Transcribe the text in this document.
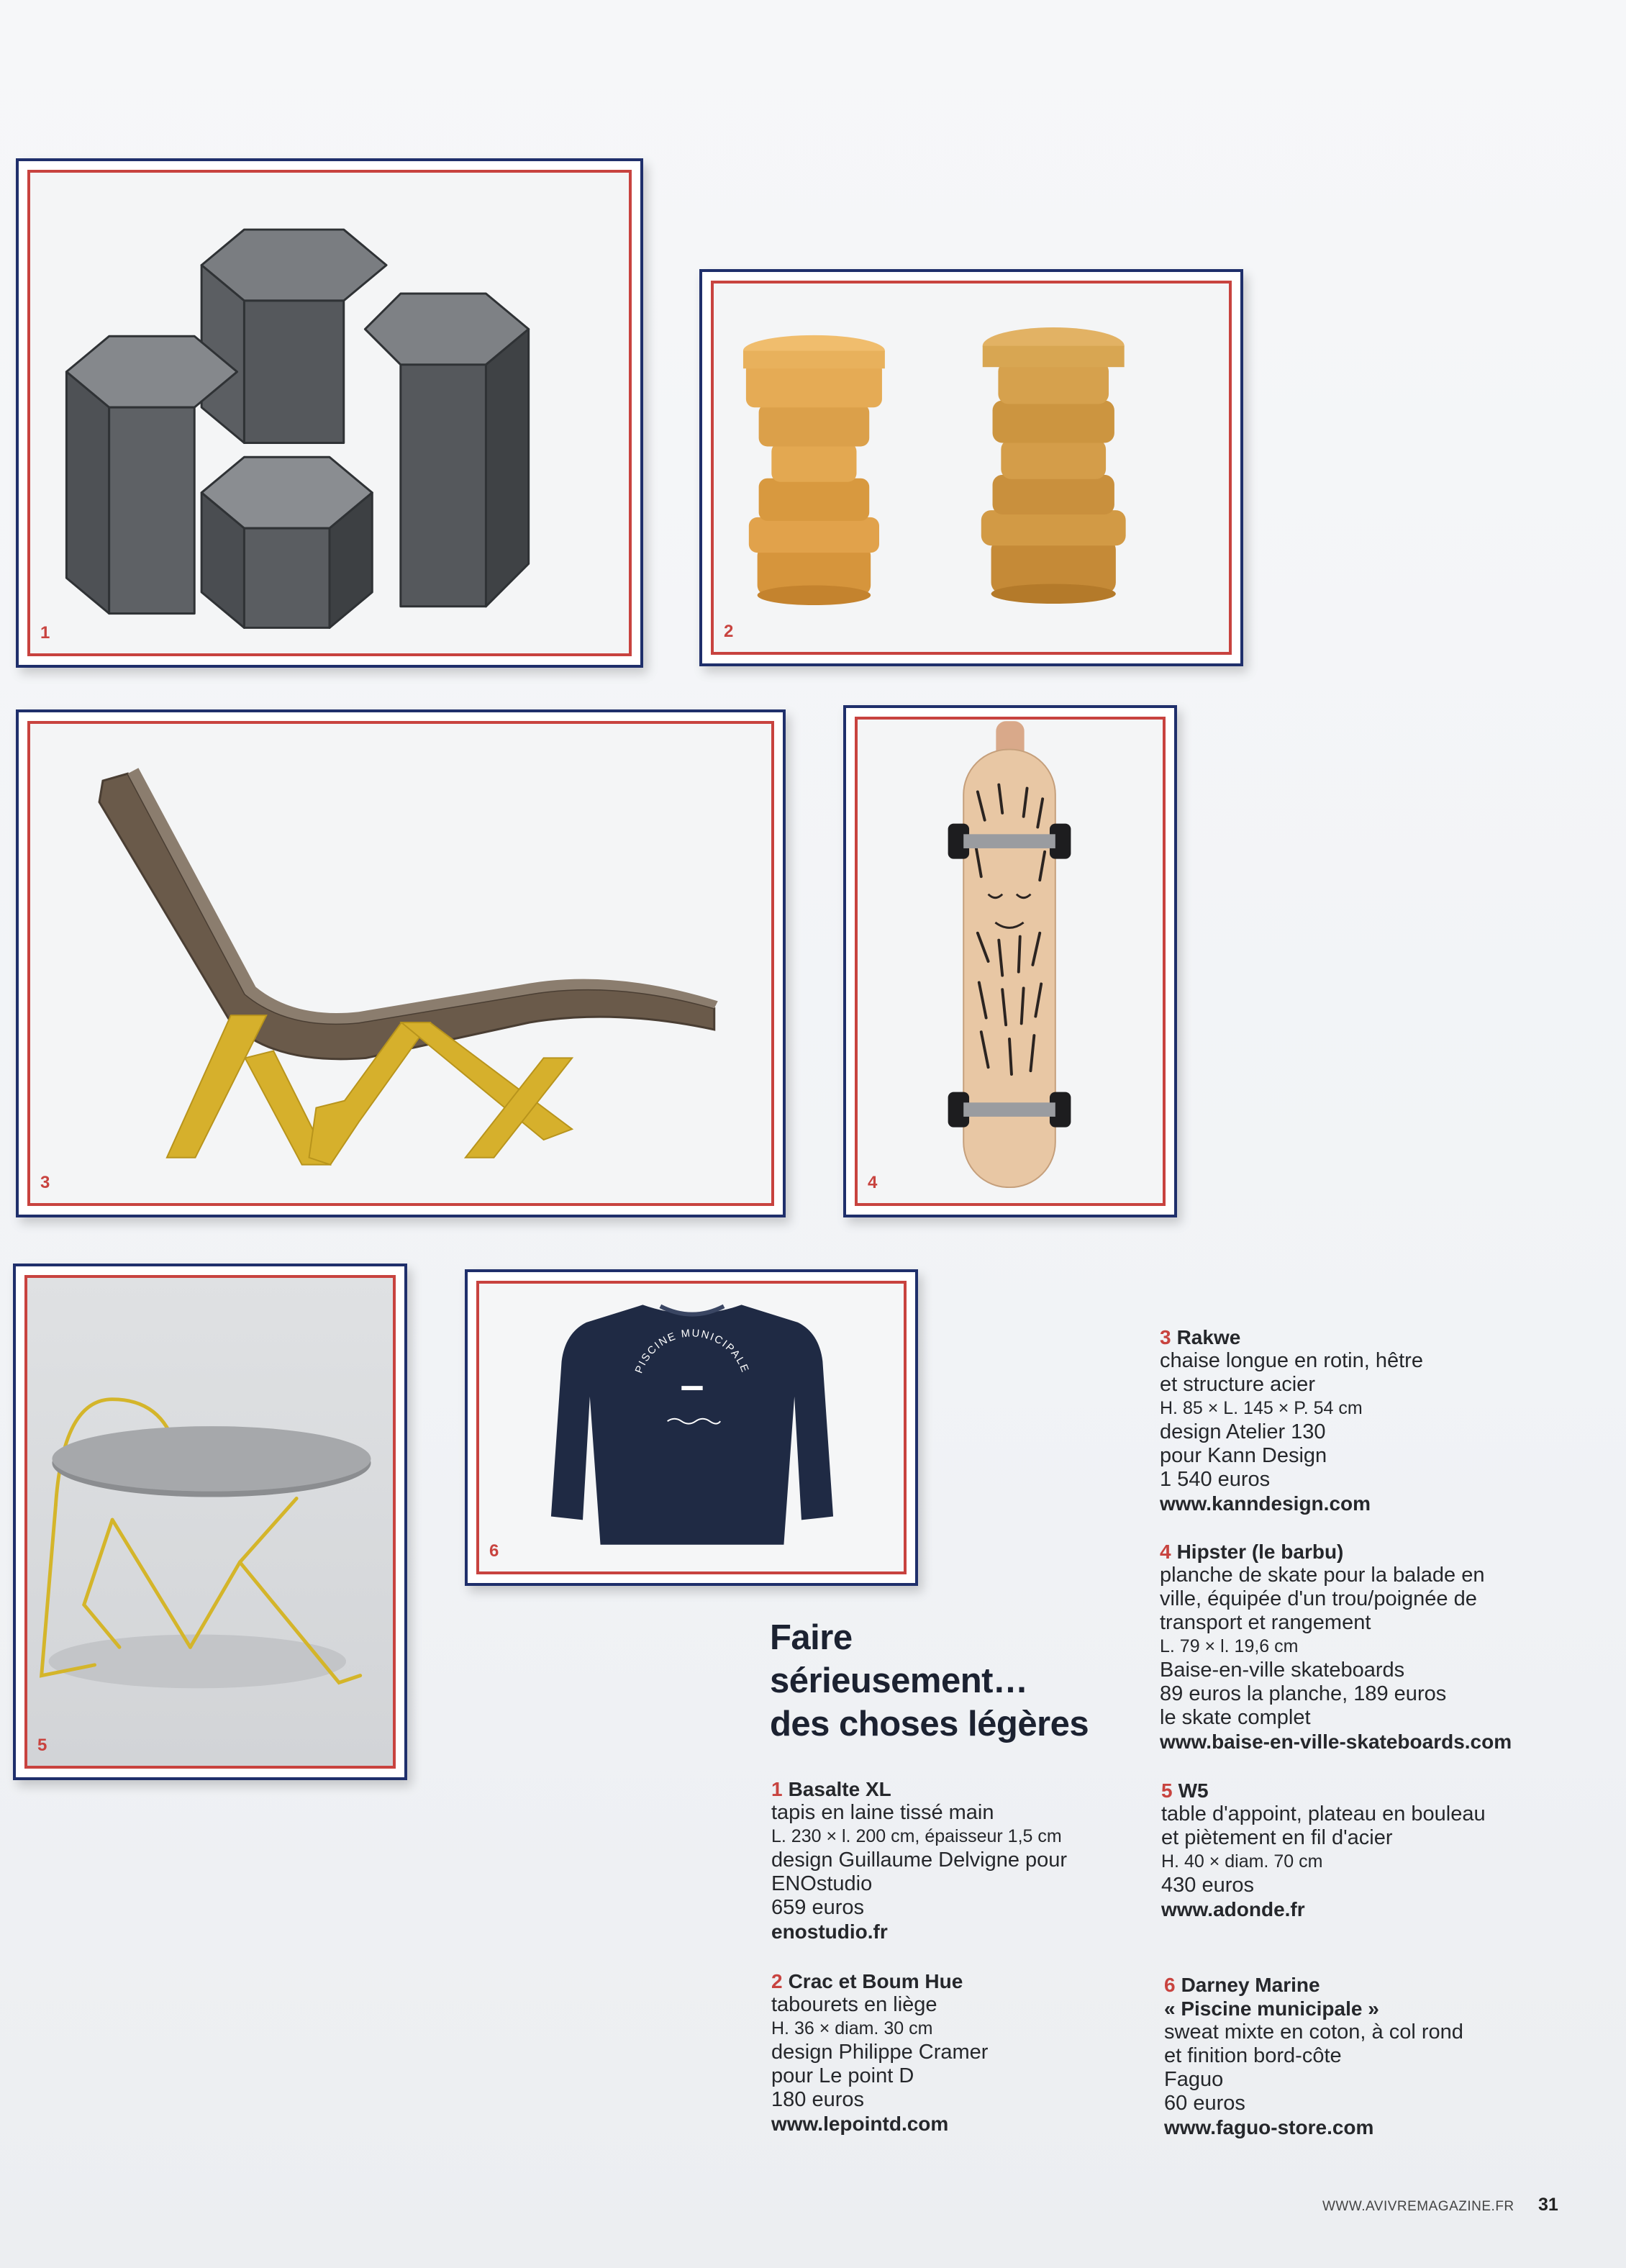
1	2
3	4
5
PISCINE MUNICIPALE
6
Faire
sérieusement…
des choses légères
1 Basalte XL
tapis en laine tissé main
L. 230 × l. 200 cm, épaisseur 1,5 cm
design Guillaume Delvigne pour
ENOstudio
659 euros
enostudio.fr
2 Crac et Boum Hue
tabourets en liège
H. 36 × diam. 30 cm
design Philippe Cramer
pour Le point D
180 euros
www.lepointd.com
3 Rakwe
chaise longue en rotin, hêtre
et structure acier
H. 85 × L. 145 × P. 54 cm
design Atelier 130
pour Kann Design
1 540 euros
www.kanndesign.com
4 Hipster (le barbu)
planche de skate pour la balade en
ville, équipée d'un trou/poignée de
transport et rangement
L. 79 × l. 19,6 cm
Baise-en-ville skateboards
89 euros la planche, 189 euros
le skate complet
www.baise-en-ville-skateboards.com
5 W5
table d'appoint, plateau en bouleau
et piètement en fil d'acier
H. 40 × diam. 70 cm
430 euros
www.adonde.fr
6 Darney Marine
« Piscine municipale »
sweat mixte en coton, à col rond
et finition bord-côte
Faguo
60 euros
www.faguo-store.com
WWW.AVIVREMAGAZINE.FR 31
